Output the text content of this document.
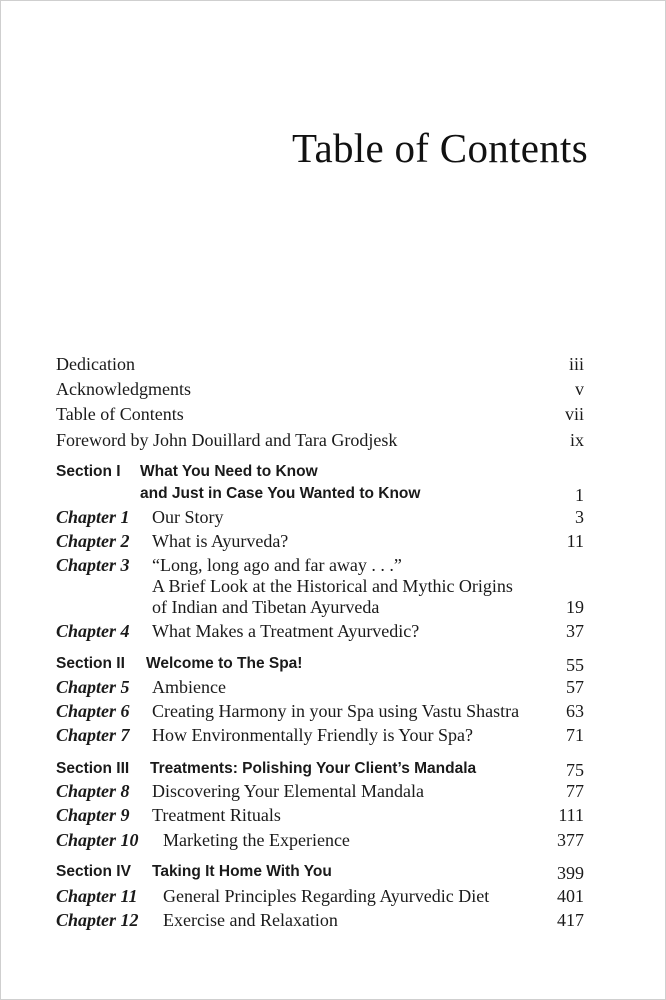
Table of Contents
Dedication	iii
Acknowledgments	v
Table of Contents	vii
Foreword by John Douillard and Tara Grodjesk	ix
Section I What You Need to Know
and Just in Case You Wanted to Know	1
Chapter 1 Our Story	3
Chapter 2 What is Ayurveda?	11
Chapter 3 “Long, long ago and far away . . .”
A Brief Look at the Historical and Mythic Origins
of Indian and Tibetan Ayurveda	19
Chapter 4 What Makes a Treatment Ayurvedic?	37
Section II Welcome to The Spa!	55
Chapter 5 Ambience	57
Chapter 6 Creating Harmony in your Spa using Vastu Shastra	63
Chapter 7 How Environmentally Friendly is Your Spa?	71
Section III Treatments: Polishing Your Client’s Mandala	75
Chapter 8 Discovering Your Elemental Mandala	77
Chapter 9 Treatment Rituals	111
Chapter 10 Marketing the Experience	377
Section IV Taking It Home With You	399
Chapter 11 General Principles Regarding Ayurvedic Diet	401
Chapter 12 Exercise and Relaxation	417
